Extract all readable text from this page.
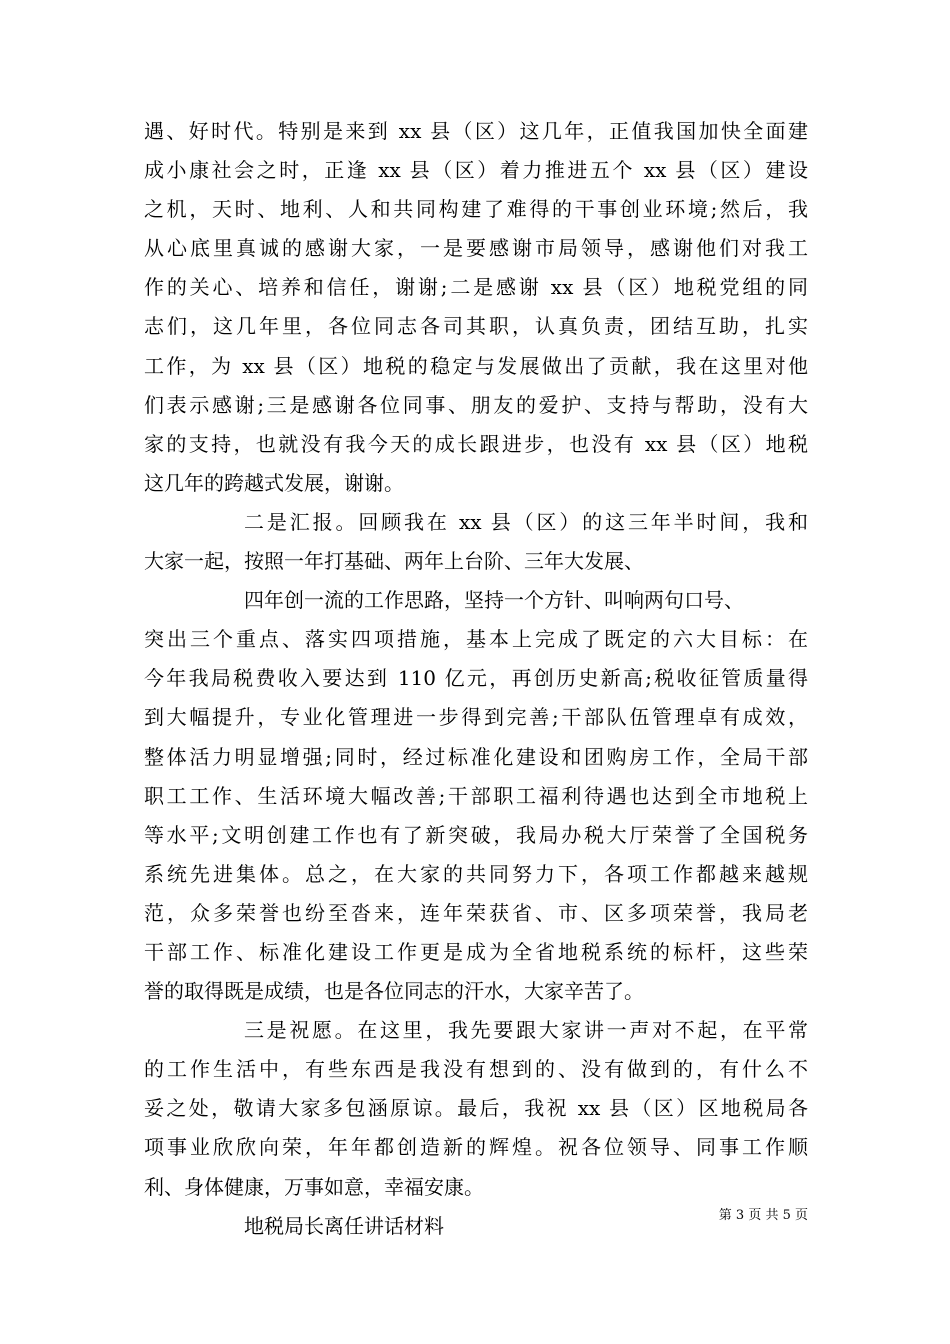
遇、好时代。特别是来到 xx 县（区）这几年，正值我国加快全面建
成小康社会之时，正逢 xx 县（区）着力推进五个 xx 县（区）建设
之机，天时、地利、人和共同构建了难得的干事创业环境;然后，我
从心底里真诚的感谢大家，一是要感谢市局领导，感谢他们对我工
作的关心、培养和信任，谢谢;二是感谢 xx 县（区）地税党组的同
志们，这几年里，各位同志各司其职，认真负责，团结互助，扎实
工作，为 xx 县（区）地税的稳定与发展做出了贡献，我在这里对他
们表示感谢;三是感谢各位同事、朋友的爱护、支持与帮助，没有大
家的支持，也就没有我今天的成长跟进步，也没有 xx 县（区）地税
这几年的跨越式发展，谢谢。
二是汇报。回顾我在 xx 县（区）的这三年半时间，我和
大家一起，按照一年打基础、两年上台阶、三年大发展、
四年创一流的工作思路，坚持一个方针、叫响两句口号、
突出三个重点、落实四项措施，基本上完成了既定的六大目标：在
今年我局税费收入要达到 110 亿元，再创历史新高;税收征管质量得
到大幅提升，专业化管理进一步得到完善;干部队伍管理卓有成效，
整体活力明显增强;同时，经过标准化建设和团购房工作，全局干部
职工工作、生活环境大幅改善;干部职工福利待遇也达到全市地税上
等水平;文明创建工作也有了新突破，我局办税大厅荣誉了全国税务
系统先进集体。总之，在大家的共同努力下，各项工作都越来越规
范，众多荣誉也纷至沓来，连年荣获省、市、区多项荣誉，我局老
干部工作、标准化建设工作更是成为全省地税系统的标杆，这些荣
誉的取得既是成绩，也是各位同志的汗水，大家辛苦了。
三是祝愿。在这里，我先要跟大家讲一声对不起，在平常
的工作生活中，有些东西是我没有想到的、没有做到的，有什么不
妥之处，敬请大家多包涵原谅。最后，我祝 xx 县（区）区地税局各
项事业欣欣向荣，年年都创造新的辉煌。祝各位领导、同事工作顺
利、身体健康，万事如意，幸福安康。
地税局长离任讲话材料	第 3 页 共 5 页
